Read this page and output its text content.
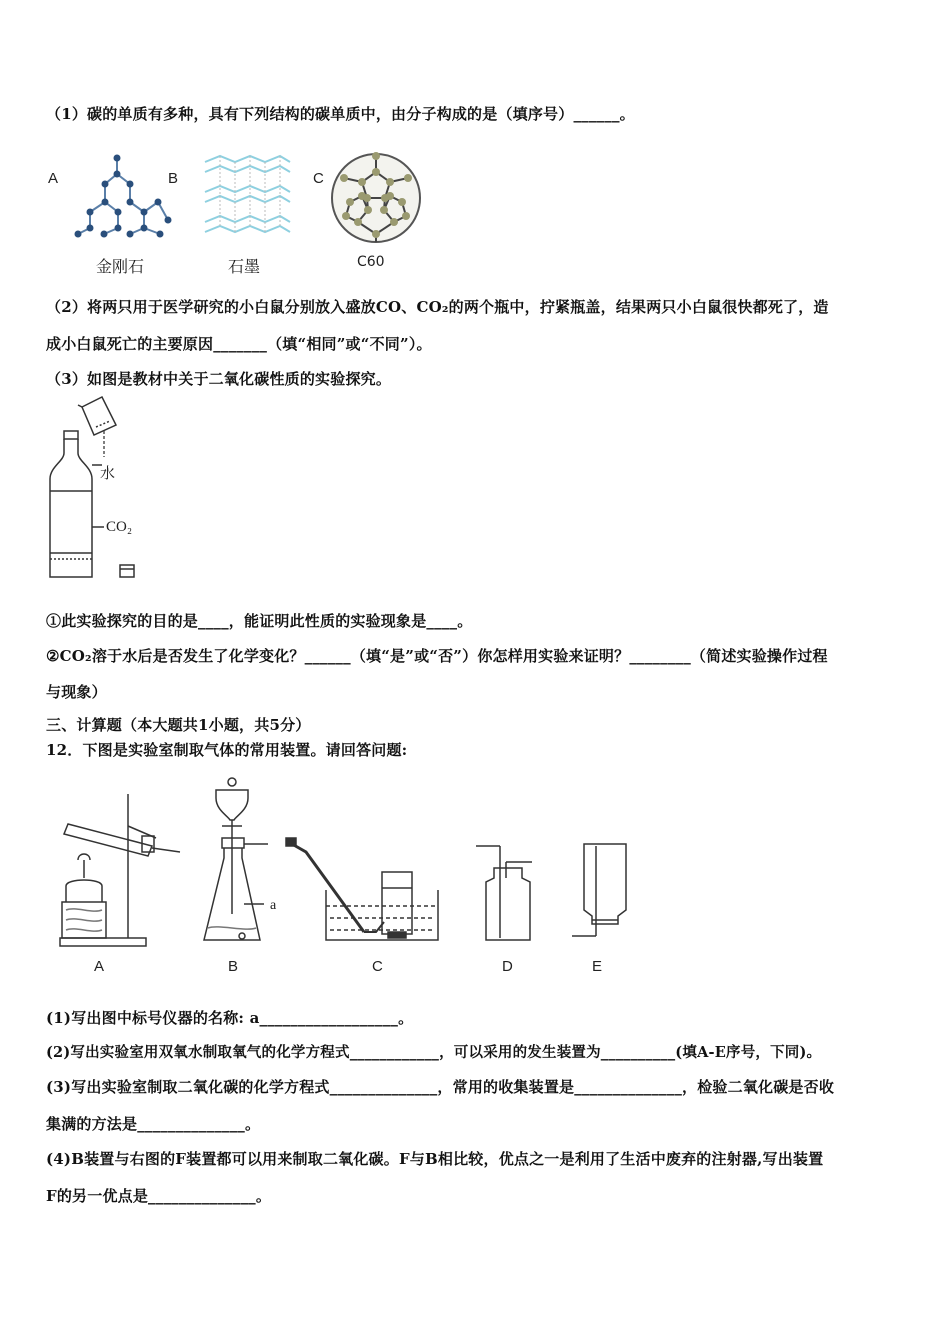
（1）碳的单质有多种，具有下列结构的碳单质中，由分子构成的是（填序号）______。
A	B	C
金刚石	石墨	C60
（2）将两只用于医学研究的小白鼠分别放入盛放CO、CO₂的两个瓶中，拧紧瓶盖，结果两只小白鼠很快都死了，造
成小白鼠死亡的主要原因_______（填“相同”或“不同”）。
（3）如图是教材中关于二氧化碳性质的实验探究。
水
CO₂
①此实验探究的目的是____，能证明此性质的实验现象是____。
②CO₂溶于水后是否发生了化学变化？______（填“是”或“否”）你怎样用实验来证明？________（简述实验操作过程
与现象）
三、计算题（本大题共1小题，共5分）
12．下图是实验室制取气体的常用装置。请回答问题:
A
a
B	C	D	E
(1)写出图中标号仪器的名称: a__________________。
(2)写出实验室用双氧水制取氧气的化学方程式____________，可以采用的发生装置为__________(填A-E序号，下同)。
(3)写出实验室制取二氧化碳的化学方程式______________，常用的收集装置是______________，检验二氧化碳是否收
集满的方法是______________。
(4)B装置与右图的F装置都可以用来制取二氧化碳。F与B相比较，优点之一是利用了生活中废弃的注射器,写出装置
F的另一优点是______________。
